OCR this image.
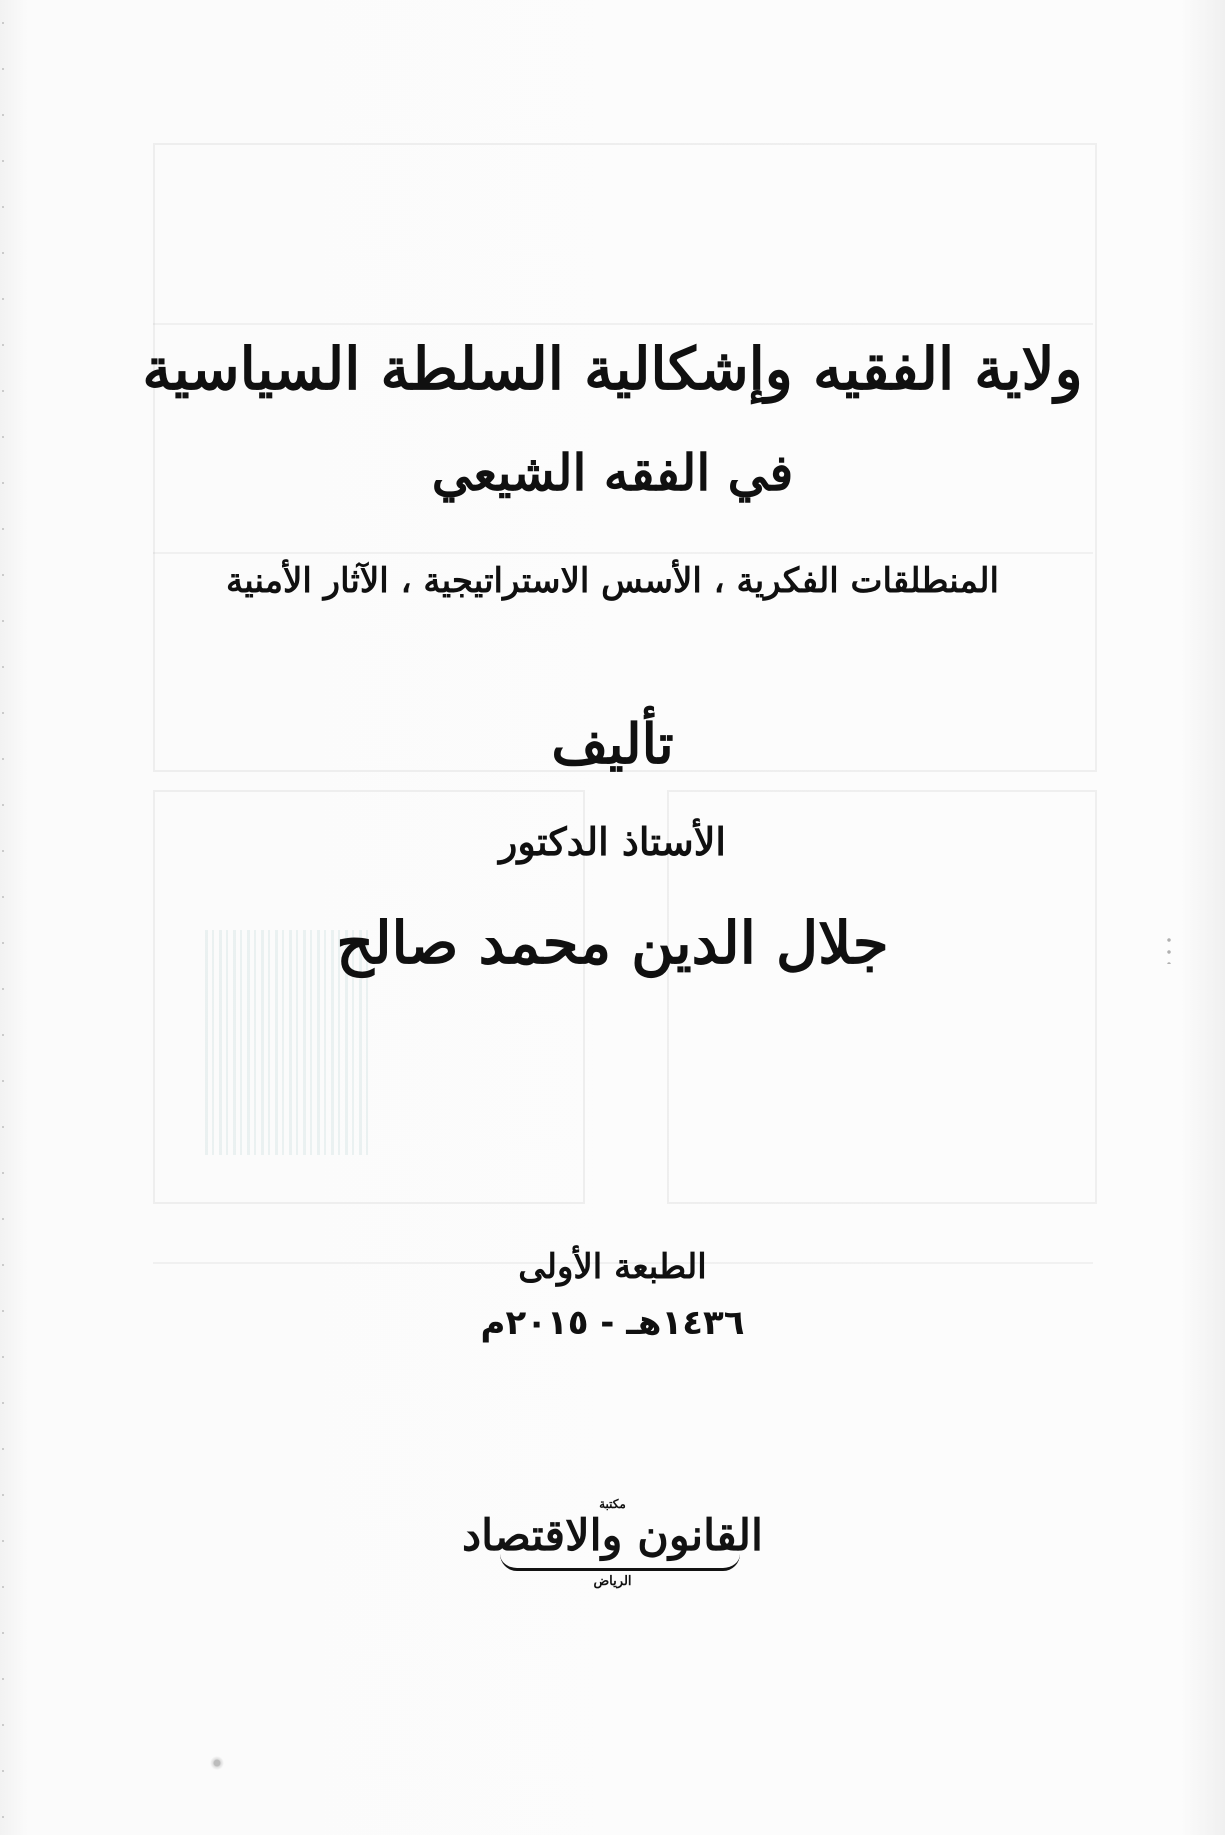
ولاية الفقيه وإشكالية السلطة السياسية
في الفقه الشيعي
المنطلقات الفكرية ، الأسس الاستراتيجية ، الآثار الأمنية
تأليف
الأستاذ الدكتور
جلال الدين محمد صالح
الطبعة الأولى
١٤٣٦هـ - ٢٠١٥م
مكتبة
القانون والاقتصاد
الرياض
